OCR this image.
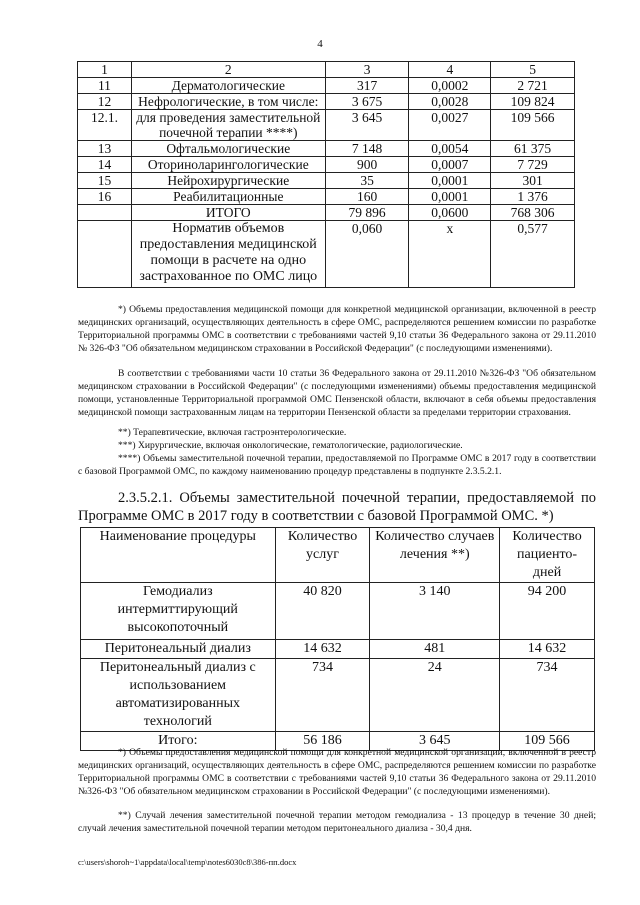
4
1	2	3	4	5
11	Дерматологические	317	0,0002	2 721
12	Нефрологические, в том числе:	3 675	0,0028	109 824
12.1.	для проведения заместительной почечной терапии ****)	3 645	0,0027	109 566
13	Офтальмологические	7 148	0,0054	61 375
14	Оториноларингологические	900	0,0007	7 729
15	Нейрохирургические	35	0,0001	301
16	Реабилитационные	160	0,0001	1 376
	ИТОГО	79 896	0,0600	768 306
	Норматив объемов предоставления медицинской помощи в расчете на одно застрахованное по ОМС лицо	0,060	x	0,577
*) Объемы предоставления медицинской помощи для конкретной медицинской организации, включенной в реестр медицинских организаций, осуществляющих деятельность в сфере ОМС, распределяются решением комиссии по разработке Территориальной программы ОМС в соответствии с требованиями частей 9,10 статьи 36 Федерального закона от 29.11.2010 № 326-ФЗ "Об обязательном медицинском страховании в Российской Федерации" (с последующими изменениями).
В соответствии с требованиями части 10 статьи 36 Федерального закона от 29.11.2010 №326-ФЗ "Об обязательном медицинском страховании в Российской Федерации" (с последующими изменениями) объемы предоставления медицинской помощи, установленные Территориальной программой ОМС Пензенской области, включают в себя объемы предоставления медицинской помощи застрахованным лицам на территории Пензенской области за пределами территории страхования.
**) Терапевтические, включая гастроэнтерологические.
***) Хирургические, включая онкологические, гематологические, радиологические.
****) Объемы заместительной почечной терапии, предоставляемой по Программе ОМС в 2017 году в соответствии с базовой Программой ОМС, по каждому наименованию процедур представлены в подпункте 2.3.5.2.1.
2.3.5.2.1. Объемы заместительной почечной терапии, предоставляемой по Программе ОМС в 2017 году в соответствии с базовой Программой ОМС. *)
Наименование процедуры	Количество услуг	Количество случаев лечения **)	Количество пациенто-дней
Гемодиализ интермиттирующий высокопоточный	40 820	3 140	94 200
Перитонеальный диализ	14 632	481	14 632
Перитонеальный диализ с использованием автоматизированных технологий	734	24	734
Итого:	56 186	3 645	109 566
*) Объемы предоставления медицинской помощи для конкретной медицинской организации, включенной в реестр медицинских организаций, осуществляющих деятельность в сфере ОМС, распределяются решением комиссии по разработке Территориальной программы ОМС в соответствии с требованиями частей 9,10 статьи 36 Федерального закона от 29.11.2010 №326-ФЗ "Об обязательном медицинском страховании в Российской Федерации" (с последующими изменениями).
**) Случай лечения заместительной почечной терапии методом гемодиализа - 13 процедур в течение 30 дней; случай лечения заместительной почечной терапии методом перитонеального диализа - 30,4 дня.
c:\users\shoroh~1\appdata\local\temp\notes6030c8\386-пп.docx
